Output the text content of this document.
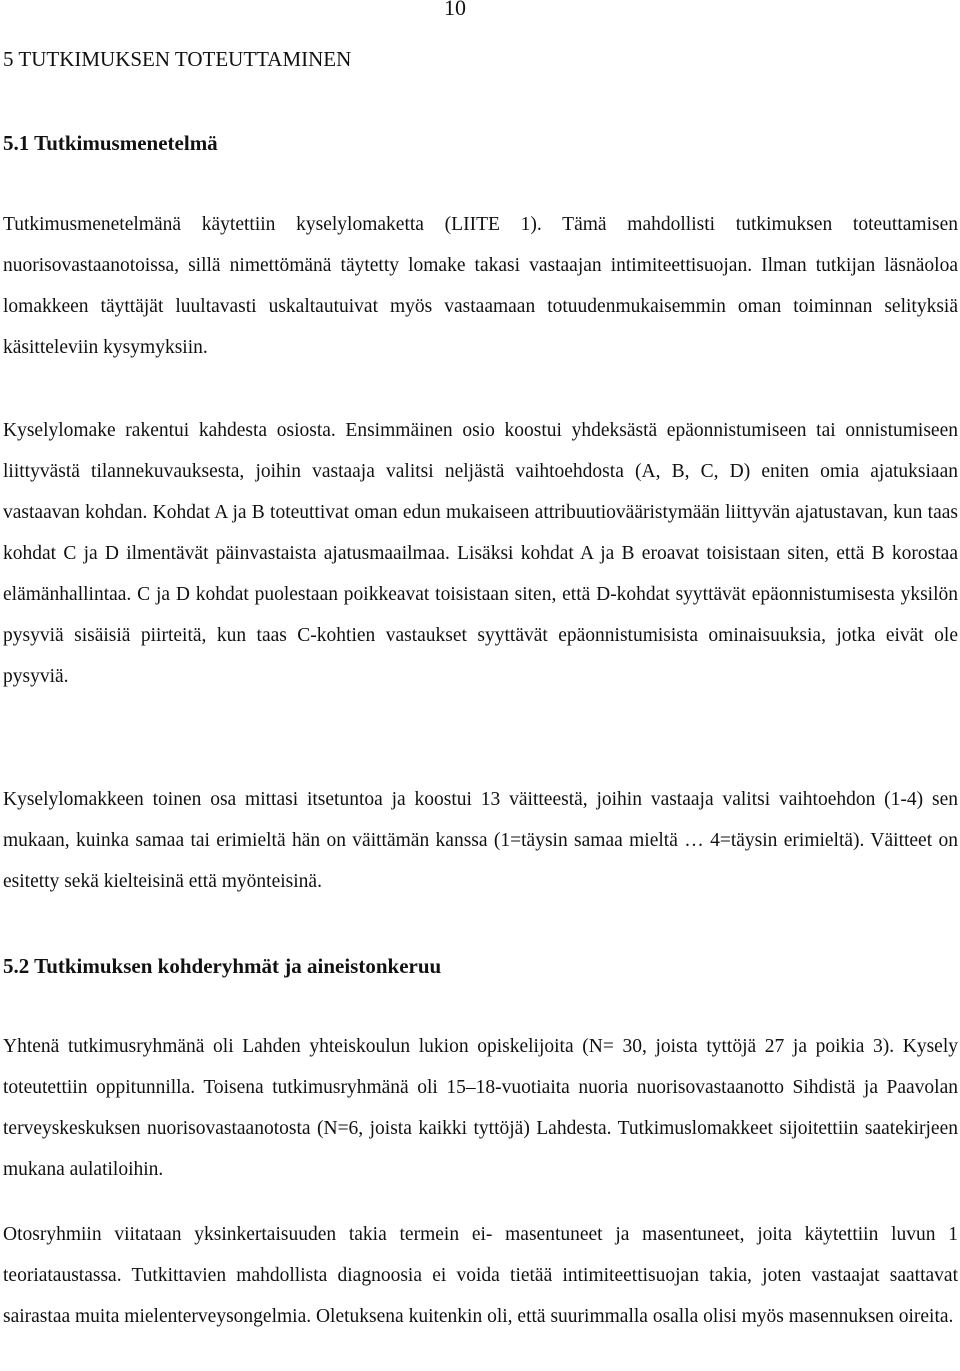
10
5 TUTKIMUKSEN TOTEUTTAMINEN
5.1 Tutkimusmenetelmä

Tutkimusmenetelmänä käytettiin kyselylomaketta (LIITE 1). Tämä mahdollisti tutkimuksen toteuttamisen nuorisovastaanotoissa, sillä nimettömänä täytetty lomake takasi vastaajan intimiteettisuojan. Ilman tutkijan läsnäoloa lomakkeen täyttäjät luultavasti uskaltautuivat myös vastaamaan totuudenmukaisemmin oman toiminnan selityksiä käsitteleviin kysymyksiin.

Kyselylomake rakentui kahdesta osiosta. Ensimmäinen osio koostui yhdeksästä epäonnistumiseen tai onnistumiseen liittyvästä tilannekuvauksesta, joihin vastaaja valitsi neljästä vaihtoehdosta (A, B, C, D) eniten omia ajatuksiaan vastaavan kohdan. Kohdat A ja B toteuttivat oman edun mukaiseen attribuutiovääristymään liittyvän ajatustavan, kun taas kohdat C ja D ilmentävät päinvastaista ajatusmaailmaa. Lisäksi kohdat A ja B eroavat toisistaan siten, että B korostaa elämänhallintaa. C ja D kohdat puolestaan poikkeavat toisistaan siten, että D-kohdat syyttävät epäonnistumisesta yksilön pysyviä sisäisiä piirteitä, kun taas C-kohtien vastaukset syyttävät epäonnistumisista ominaisuuksia, jotka eivät ole pysyviä.

Kyselylomakkeen toinen osa mittasi itsetuntoa ja koostui 13 väitteestä, joihin vastaaja valitsi vaihtoehdon (1-4) sen mukaan, kuinka samaa tai erimieltä hän on väittämän kanssa (1=täysin samaa mieltä … 4=täysin erimieltä). Väitteet on esitetty sekä kielteisinä että myönteisinä.

5.2 Tutkimuksen kohderyhmät ja aineistonkeruu

Yhtenä tutkimusryhmänä oli Lahden yhteiskoulun lukion opiskelijoita (N= 30, joista tyttöjä 27 ja poikia 3). Kysely toteutettiin oppitunnilla. Toisena tutkimusryhmänä oli 15–18-vuotiaita nuoria nuorisovastaanotto Sihdistä ja Paavolan terveyskeskuksen nuorisovastaanotosta (N=6, joista kaikki tyttöjä) Lahdesta. Tutkimuslomakkeet sijoitettiin saatekirjeen mukana aulatiloihin.

Otosryhmiin viitataan yksinkertaisuuden takia termein ei- masentuneet ja masentuneet, joita käytettiin luvun 1 teoriataustassa. Tutkittavien mahdollista diagnoosia ei voida tietää intimiteettisuojan takia, joten vastaajat saattavat sairastaa muita mielenterveysongelmia. Oletuksena kuitenkin oli, että suurimmalla osalla olisi myös masennuksen oireita.
